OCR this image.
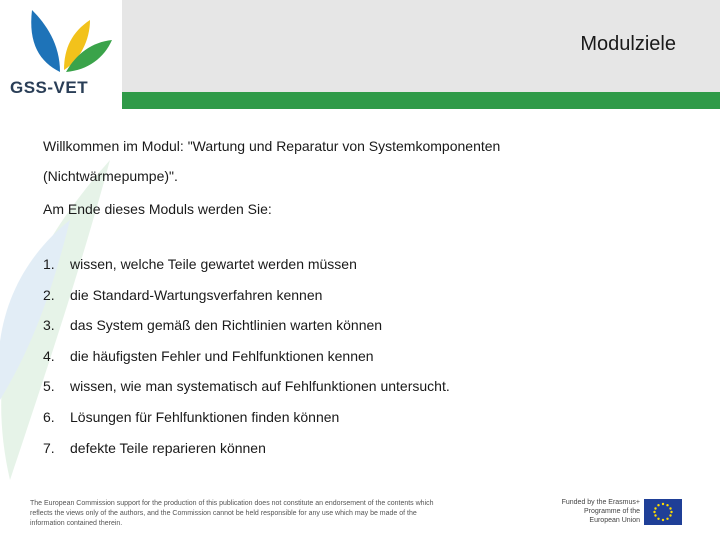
Modulziele
GSS-VET

Willkommen im Modul: "Wartung und Reparatur von Systemkomponenten
(Nichtwärmepumpe)".

Am Ende dieses Moduls werden Sie:

1.	wissen, welche Teile gewartet werden müssen
2.	die Standard-Wartungsverfahren kennen
3.	das System gemäß den Richtlinien warten können
4.	die häufigsten Fehler und Fehlfunktionen kennen
5.	wissen, wie man systematisch auf Fehlfunktionen untersucht.
6.	Lösungen für Fehlfunktionen finden können
7.	defekte Teile reparieren können
The European Commission support for the production of this publication does not constitute an endorsement of the contents which reflects the views only of the authors, and the Commission cannot be held responsible for any use which may be made of the information contained therein.
Funded by the Erasmus+ Programme of the European Union
